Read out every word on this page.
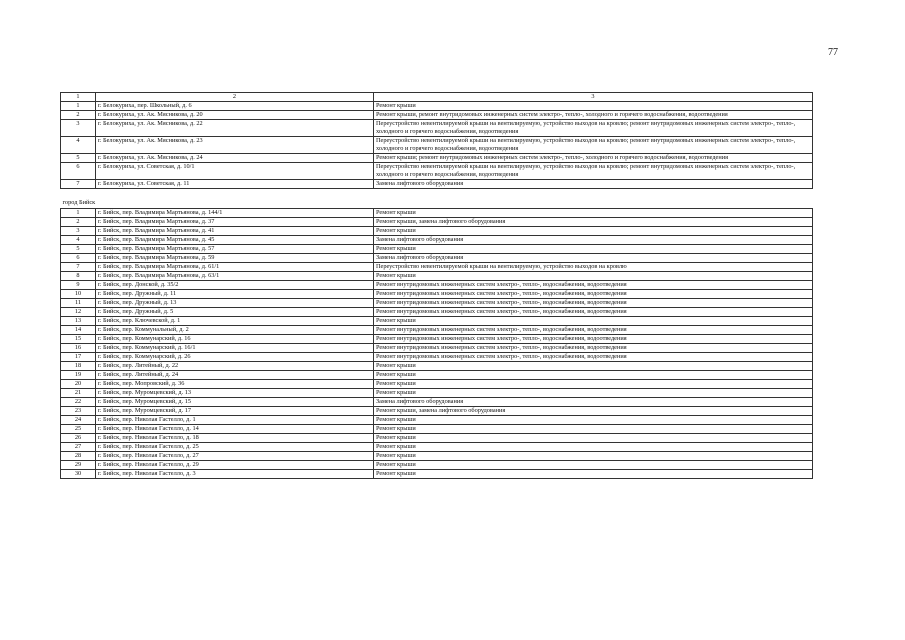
77
1	2	3
1	г. Белокуриха, пер. Школьный, д. 6	Ремонт крыши
2	г. Белокуриха, ул. Ак. Мясникова, д. 20	Ремонт крыши, ремонт внутридомовых инженерных систем электро-, тепло-, холодного и горячего водоснабжения, водоотведения
3	г. Белокуриха, ул. Ак. Мясникова, д. 22	Переустройство невентилируемой крыши на вентилируемую, устройство выходов на кровлю; ремонт внутридомовых инженерных систем электро-, тепло-, холодного и горячего водоснабжения, водоотведения
4	г. Белокуриха, ул. Ак. Мясникова, д. 23	Переустройство невентилируемой крыши на вентилируемую, устройство выходов на кровлю; ремонт внутридомовых инженерных систем электро-, тепло-, холодного и горячего водоснабжения, водоотведения
5	г. Белокуриха, ул. Ак. Мясникова, д. 24	Ремонт крыши; ремонт внутридомовых инженерных систем электро-, тепло-, холодного и горячего водоснабжения, водоотведения
6	г. Белокуриха, ул. Советская, д. 10/1	Переустройство невентилируемой крыши на вентилируемую, устройство выходов на кровлю; ремонт внутридомовых инженерных систем электро-, тепло-, холодного и горячего водоснабжения, водоотведения
7	г. Белокуриха, ул. Советская, д. 11	Замена лифтового оборудования
город Бийск		
1	г. Бийск, пер. Владимира Мартьянова, д. 144/1	Ремонт крыши
2	г. Бийск, пер. Владимира Мартьянова, д. 37	Ремонт крыши, замена лифтового оборудования
3	г. Бийск, пер. Владимира Мартьянова, д. 41	Ремонт крыши
4	г. Бийск, пер. Владимира Мартьянова, д. 45	Замена лифтового оборудования
5	г. Бийск, пер. Владимира Мартьянова, д. 57	Ремонт крыши
6	г. Бийск, пер. Владимира Мартьянова, д. 59	Замена лифтового оборудования
7	г. Бийск, пер. Владимира Мартьянова, д. 61/1	Переустройство невентилируемой крыши на вентилируемую, устройство выходов на кровлю
8	г. Бийск, пер. Владимира Мартьянова, д. 63/1	Ремонт крыши
9	г. Бийск, пер. Донской, д. 35/2	Ремонт внутридомовых инженерных систем электро-, тепло-, водоснабжения, водоотведения
10	г. Бийск, пер. Дружный, д. 11	Ремонт внутридомовых инженерных систем электро-, тепло-, водоснабжения, водоотведения
11	г. Бийск, пер. Дружный, д. 13	Ремонт внутридомовых инженерных систем электро-, тепло-, водоснабжения, водоотведения
12	г. Бийск, пер. Дружный, д. 5	Ремонт внутридомовых инженерных систем электро-, тепло-, водоснабжения, водоотведения
13	г. Бийск, пер. Ключевской, д. 1	Ремонт крыши
14	г. Бийск, пер. Коммунальный, д. 2	Ремонт внутридомовых инженерных систем электро-, тепло-, водоснабжения, водоотведения
15	г. Бийск, пер. Коммунарский, д. 16	Ремонт внутридомовых инженерных систем электро-, тепло-, водоснабжения, водоотведения
16	г. Бийск, пер. Коммунарский, д. 16/1	Ремонт внутридомовых инженерных систем электро-, тепло-, водоснабжения, водоотведения
17	г. Бийск, пер. Коммунарский, д. 26	Ремонт внутридомовых инженерных систем электро-, тепло-, водоснабжения, водоотведения
18	г. Бийск, пер. Литейный, д. 22	Ремонт крыши
19	г. Бийск, пер. Литейный, д. 24	Ремонт крыши
20	г. Бийск, пер. Мопровский, д. 36	Ремонт крыши
21	г. Бийск, пер. Муромцевский, д. 13	Ремонт крыши
22	г. Бийск, пер. Муромцевский, д. 15	Замена лифтового оборудования
23	г. Бийск, пер. Муромцевский, д. 17	Ремонт крыши, замена лифтового оборудования
24	г. Бийск, пер. Николая Гастелло, д. 1	Ремонт крыши
25	г. Бийск, пер. Николая Гастелло, д. 14	Ремонт крыши
26	г. Бийск, пер. Николая Гастелло, д. 18	Ремонт крыши
27	г. Бийск, пер. Николая Гастелло, д. 25	Ремонт крыши
28	г. Бийск, пер. Николая Гастелло, д. 27	Ремонт крыши
29	г. Бийск, пер. Николая Гастелло, д. 29	Ремонт крыши
30	г. Бийск, пер. Николая Гастелло, д. 3	Ремонт крыши
